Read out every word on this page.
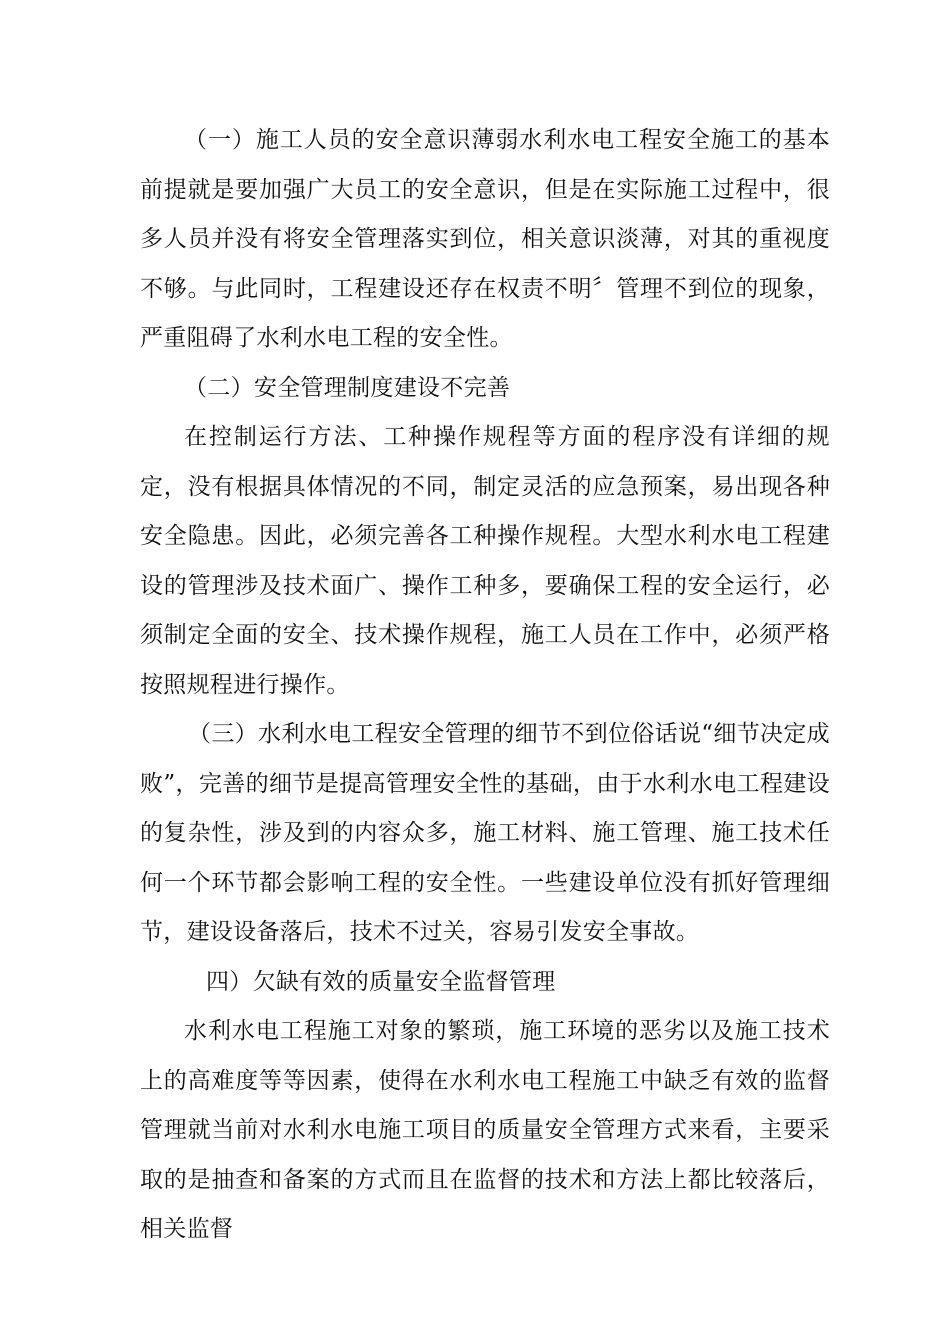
（一）施工人员的安全意识薄弱水利水电工程安全施工的基本前提就是要加强广大员工的安全意识，但是在实际施工过程中，很多人员并没有将安全管理落实到位，相关意识淡薄，对其的重视度不够。与此同时，工程建设还存在权责不明〞管理不到位的现象，严重阻碍了水利水电工程的安全性。

（二）安全管理制度建设不完善

在控制运行方法、工种操作规程等方面的程序没有详细的规定，没有根据具体情况的不同，制定灵活的应急预案，易出现各种安全隐患。因此，必须完善各工种操作规程。大型水利水电工程建设的管理涉及技术面广、操作工种多，要确保工程的安全运行，必须制定全面的安全、技术操作规程，施工人员在工作中，必须严格按照规程进行操作。

（三）水利水电工程安全管理的细节不到位俗话说“细节决定成败”，完善的细节是提高管理安全性的基础，由于水利水电工程建设的复杂性，涉及到的内容众多，施工材料、施工管理、施工技术任何一个环节都会影响工程的安全性。一些建设单位没有抓好管理细节，建设设备落后，技术不过关，容易引发安全事故。

四）欠缺有效的质量安全监督管理

水利水电工程施工对象的繁琐，施工环境的恶劣以及施工技术上的高难度等等因素，使得在水利水电工程施工中缺乏有效的监督管理就当前对水利水电施工项目的质量安全管理方式来看，主要采取的是抽查和备案的方式而且在监督的技术和方法上都比较落后，相关监督
